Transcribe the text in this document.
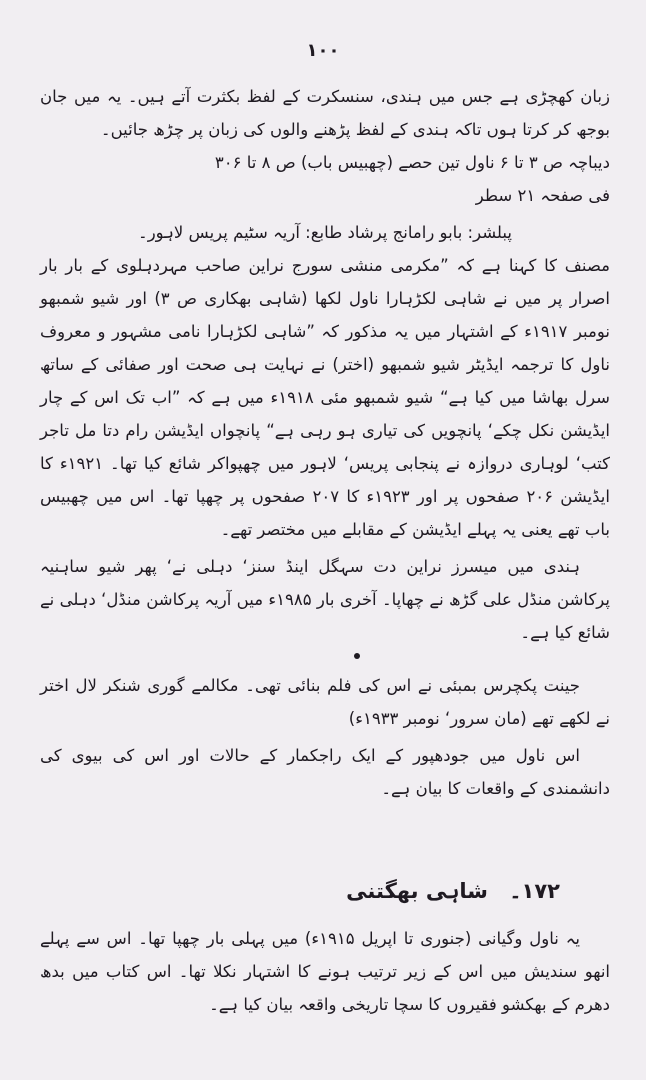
۱۰۰

زبان کھچڑی ہے جس میں ہندی، سنسکرت کے لفظ بکثرت آتے ہیں۔ یہ میں جان بوجھ کر کرتا ہوں تاکہ ہندی کے لفظ پڑھنے والوں کی زبان پر چڑھ جائیں۔

دیباچہ ص ۳ تا ۶ ناول تین حصے (چھبیس باب) ص ۸ تا ۳۰۶

فی صفحہ ۲۱ سطر

پبلشر: بابو رامانج پرشاد طابع: آریہ سٹیم پریس لاہور۔

مصنف کا کہنا ہے کہ ”مکرمی منشی سورج نراین صاحب مہردہلوی کے بار بار اصرار پر میں نے شاہی لکڑہارا ناول لکھا (شاہی بھکاری ص ۳) اور شیو شمبھو نومبر ۱۹۱۷ء کے اشتہار میں یہ مذکور کہ ”شاہی لکڑہارا نامی مشہور و معروف ناول کا ترجمہ ایڈیٹر شیو شمبھو (اختر) نے نہایت ہی صحت اور صفائی کے ساتھ سرل بھاشا میں کیا ہے“ شیو شمبھو مئی ۱۹۱۸ء میں ہے کہ ”اب تک اس کے چار ایڈیشن نکل چکے‘ پانچویں کی تیاری ہو رہی ہے“ پانچواں ایڈیشن رام دتا مل تاجر کتب‘ لوہاری دروازہ نے پنجابی پریس‘ لاہور میں چھپواکر شائع کیا تھا۔ ۱۹۲۱ء کا ایڈیشن ۲۰۶ صفحوں پر اور ۱۹۲۳ء کا ۲۰۷ صفحوں پر چھپا تھا۔ اس میں چھبیس باب تھے یعنی یہ پہلے ایڈیشن کے مقابلے میں مختصر تھے۔

ہندی میں میسرز نراین دت سہگل اینڈ سنز‘ دہلی نے‘ پھر شیو ساہنیہ پرکاشن منڈل علی گڑھ نے چھاپا۔ آخری بار ۱۹۸۵ء میں آریہ پرکاشن منڈل‘ دہلی نے شائع کیا ہے۔

جینت پکچرس بمبئی نے اس کی فلم بنائی تھی۔ مکالمے گوری شنکر لال اختر نے لکھے تھے (مان سرور‘ نومبر ۱۹۳۳ء)

اس ناول میں جودھپور کے ایک راجکمار کے حالات اور اس کی بیوی کی دانشمندی کے واقعات کا بیان ہے۔

۱۷۲۔ شاہی بھگتنی

یہ ناول وگیانی (جنوری تا اپریل ۱۹۱۵ء) میں پہلی بار چھپا تھا۔ اس سے پہلے انھو سندیش میں اس کے زیر ترتیب ہونے کا اشتہار نکلا تھا۔ اس کتاب میں بدھ دھرم کے بھکشو فقیروں کا سچا تاریخی واقعہ بیان کیا ہے۔
